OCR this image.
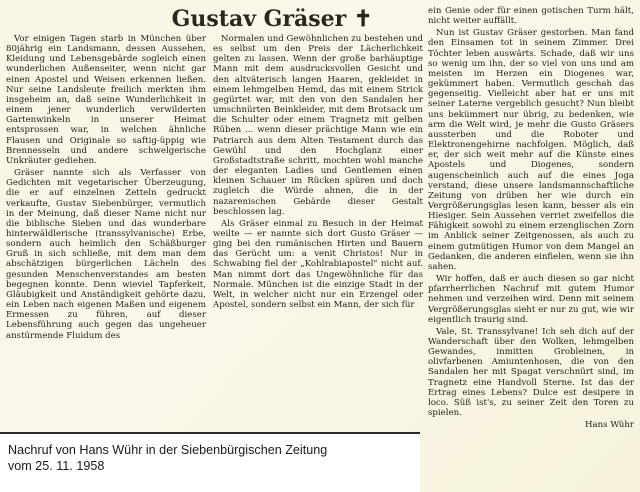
Gustav Gräser ✝

Vor einigen Tagen starb in München über 80jährig ein Landsmann, dessen Aussehen, Kleidung und Lebensgebärde sogleich einen wunderlichen Außenseiter, wenn nicht gar einen Apostel und Weisen erkennen ließen. Nur seine Landsleute freilich merkten ihm insgeheim an, daß seine Wunderlichkeit in einem jener wunderlich verwilderten Gartenwinkeln in unserer Heimat entsprossen war, in welchen ähnliche Flausen und Originale so saftig-üppig wie Brennesseln und andere schwelgerische Unkräuter gediehen.

Gräser nannte sich als Verfasser von Gedichten mit vegetarischer Überzeugung, die er auf einzelnen Zetteln gedruckt verkaufte, Gustav Siebenbürger, vermutlich in der Meinung, daß dieser Name nicht nur die biblische Sieben und das wunderbare hinterwäldlerische (transsylvanische) Erbe, sondern auch heimlich den Schäßburger Gruß in sich schließe, mit dem man dem abschätzigen bürgerlichen Lächeln des gesunden Menschenverstandes am besten begegnen konnte. Denn wieviel Tapferkeit, Gläubigkeit und Anständigkeit gehörte dazu, ein Leben nach eigenen Maßen und eigenem Ermessen zu führen, auf dieser Lebensführung auch gegen das ungeheuer anstürmende Fluidum des

Normalen und Gewöhnlichen zu bestehen und es selbst um den Preis der Lächerlichkeit gelten zu lassen. Wenn der große barhäuptige Mann mit dem ausdrucksvollen Gesicht und den altväterisch langen Haaren, gekleidet in einem lehmgelben Hemd, das mit einem Strick gegürtet war, mit den von den Sandalen her umschnürten Beinkleider, mit dem Brotsack um die Schulter oder einem Tragnetz mit gelben Rüben ... wenn dieser prächtige Mann wie ein Patriarch aus dem Alten Testament durch das Gewühl und den Hochglanz einer Großstadtstraße schritt, mochten wohl manche der eleganten Ladies und Gentlemen einen kleinen Schauer im Rücken spüren und doch zugleich die Würde ahnen, die in der nazarenischen Gebärde dieser Gestalt beschlossen lag.

Als Gräser einmal zu Besuch in der Heimat weilte — er nannte sich dort Gusto Gräser — ging bei den rumänischen Hirten und Bauern das Gerücht um: a venit Christos! Nur in Schwabing fiel der „Kohlrabiapostel" nicht auf. Man nimmt dort das Ungewöhnliche für das Normale. München ist die einzige Stadt in der Welt, in welcher nicht nur ein Erzengel oder Apostel, sondern selbst ein Mann, der sich für

ein Genie oder für einen gotischen Turm hält, nicht weiter auffällt.

Nun ist Gustav Gräser gestorben. Man fand den Einsamen tot in seinem Zimmer. Drei Töchter leben auswärts. Schade, daß wir uns so wenig um ihn, der so viel von uns und am meisten im Herzen ein Diogenes war, gekümmert haben. Vermutlich geschah das gegenseitig. Vielleicht aber hat er uns mit seiner Laterne vergeblich gesucht? Nun bleibt uns bekümmert nur übrig, zu bedenken, wie arm die Welt wird, je mehr die Gusto Gräsers aussterben und die Roboter und Elektronengehirne nachfolgen. Möglich, daß er, der sich weit mehr auf die Künste eines Apostels und Diogenes, sondern augenscheinlich auch auf die eines Joga verstand, diese unsere landsmannschaftliche Zeitung von drüben her wie durch ein Vergrößerungsglas lesen kann, besser als ein Hiesiger. Sein Aussehen verriet zweifellos die Fähigkeit sowohl zu einem erzenglischen Zorn im Anblick seiner Zeitgenossen, als auch zu einem gutmütigen Humor von dem Mangel an Gedanken, die anderen einfielen, wenn sie ihn sahen.

Wir hoffen, daß er auch diesen so gar nicht pfarrherrlichen Nachruf mit gutem Humor nehmen und verzeihen wird. Denn mit seinem Vergrößerungsglas sieht er nur zu gut, wie wir eigentlich traurig sind.

Vale, St. Transsylvane! Ich seh dich auf der Wanderschaft über den Wolken, lehmgelben Gewandes, inmitten Grobleinen, in olivfarbenen Amiuntenhosen, die von den Sandalen her mit Spagat verschnürt sind, im Tragnetz eine Handvoll Sterne. Ist das der Ertrag eines Lebens? Dulce est desipere in loco. Süß ist's, zu seiner Zeit den Toren zu spielen.

Hans Wühr

Nachruf von Hans Wühr in der Siebenbürgischen Zeitung
vom 25. 11. 1958
